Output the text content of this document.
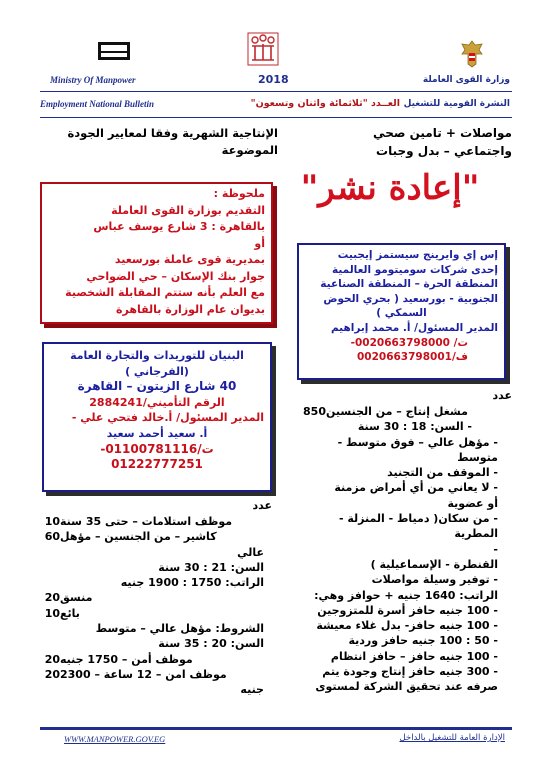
Ministry Of Manpower	2018	وزارة القوى العاملة
Employment National Bulletin	العــدد "ثلاثمائة واثنان وتسعون" النشرة القومية للتشغيل
مواصلات + تامين صحي
واجتماعي – بدل وجبات
"إعادة نشر"
إس إي وايرينج سيستمز إيجبيت
إحدى شركات سوميتومو العالمية
المنطقة الحرة – المنطقة الصناعية
الجنوبية - بورسعيد ( بحري الحوض
السمكي )
المدير المسئول/ أ. محمد إبراهيم
ت/ 0020663798000-
ف/0020663798001
عدد
850 مشغل إنتاج – من الجنسين
- السن: 18 : 30 سنة
- مؤهل عالي – فوق متوسط - متوسط
- الموقف من التجنيد
- لا يعاني من أي أمراض مزمنة
أو عضوية
- من سكان( دمياط - المنزلة - المطرية
-
القنطرة - الإسماعيلية )
- توفير وسيلة مواصلات
الراتب: 1640 جنيه + حوافز وهي:
- 100 جنيه حافز أسرة للمتزوجين
- 100 جنيه حافز- بدل غلاء معيشة
- 50 : 100 جنيه حافز وردية
- 100 جنيه حافز – حافز انتظام
- 300 جنيه حافز إنتاج وجودة يتم
صرفه عند تحقيق الشركة لمستوى
الإنتاجية الشهرية وفقا لمعايير الجودة
الموضوعة
ملحوظة :
التقديم بوزارة القوى العاملة
بالقاهرة : 3 شارع يوسف عباس
أو
بمديرية قوى عاملة بورسعيد
جوار بنك الإسكان – حي الضواحي
مع العلم بأنه ستتم المقابلة الشخصية
بديوان عام الوزارة بالقاهرة
البنيان للتوريدات والتجارة العامة
(الفرجاني )
40 شارع الزيتون – القاهرة
الرقم التأميني/2884241
المدير المسئول/ أ.خالد فتحي علي -
أ. سعيد أحمد سعيد
ت/01100781116-
01222777251
عدد
10 موظف استلامات – حتى 35 سنة
60 كاشير – من الجنسين – مؤهل
عالي
السن: 21 : 30 سنة
الراتب: 1750 : 1900 جنيه
20 منسق
10 بائع
الشروط: مؤهل عالي – متوسط
السن: 20 : 35 سنة
20 موظف أمن – 1750 جنيه
20 موظف امن – 12 ساعة – 2300
جنيه
WWW.MANPOWER.GOV.EG	الإدارة العامة للتشغيل بالداخل
